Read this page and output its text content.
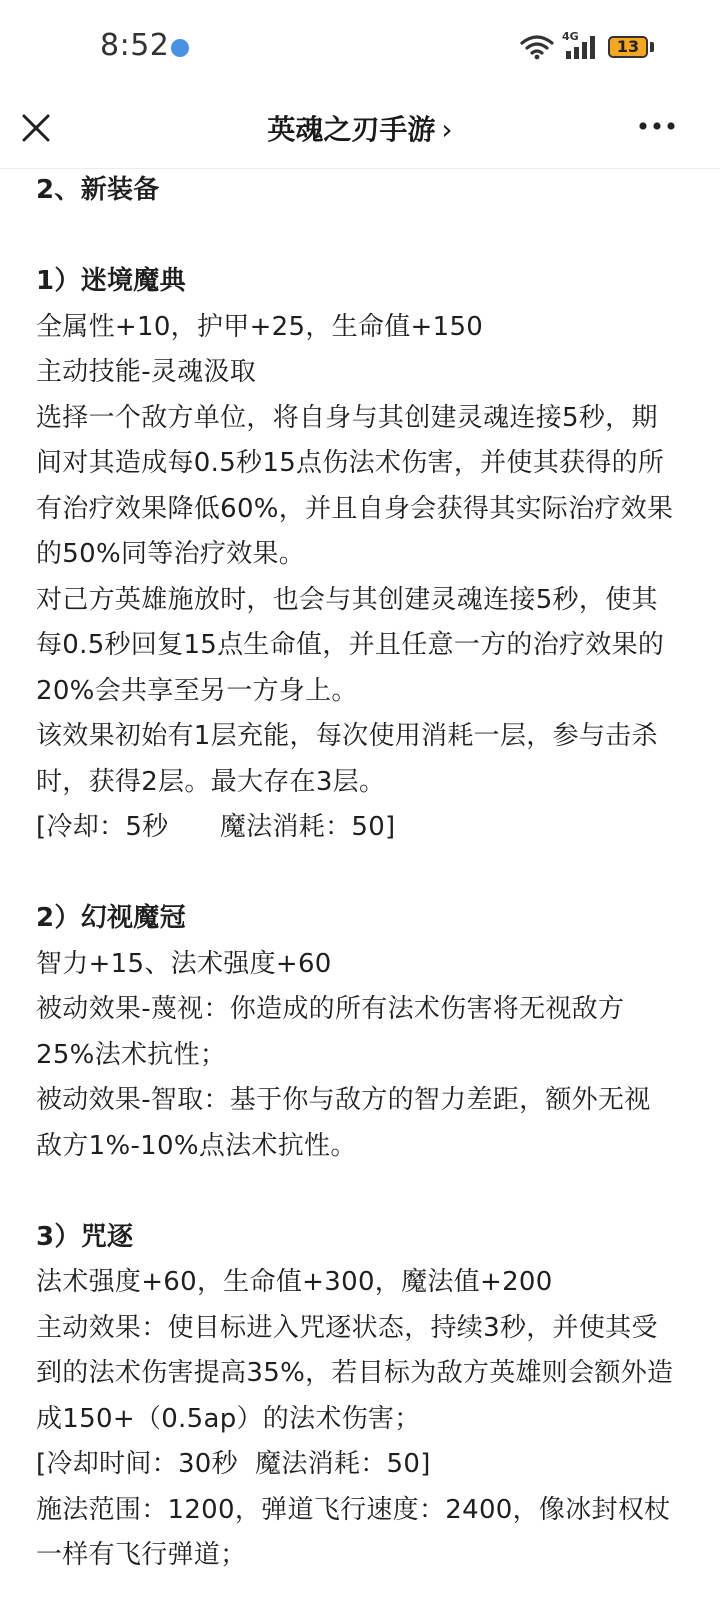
8:52	4G
13
英魂之刃手游 ›

2、新装备

1）迷境魔典

全属性+10，护甲+25，生命值+150

主动技能-灵魂汲取

选择一个敌方单位，将自身与其创建灵魂连接5秒，期间对其造成每0.5秒15点伤法术伤害，并使其获得的所有治疗效果降低60%，并且自身会获得其实际治疗效果的50%同等治疗效果。

对己方英雄施放时，也会与其创建灵魂连接5秒，使其每0.5秒回复15点生命值，并且任意一方的治疗效果的20%会共享至另一方身上。

该效果初始有1层充能，每次使用消耗一层，参与击杀时，获得2层。最大存在3层。

[冷却：5秒      魔法消耗：50]

2）幻视魔冠

智力+15、法术强度+60

被动效果-蔑视：你造成的所有法术伤害将无视敌方25%法术抗性；

被动效果-智取：基于你与敌方的智力差距，额外无视敌方1%-10%点法术抗性。

3）咒逐

法术强度+60，生命值+300，魔法值+200

主动效果：使目标进入咒逐状态，持续3秒，并使其受到的法术伤害提高35%，若目标为敌方英雄则会额外造成150+（0.5ap）的法术伤害；

[冷却时间：30秒  魔法消耗：50]

施法范围：1200，弹道飞行速度：2400，像冰封权杖一样有飞行弹道；
